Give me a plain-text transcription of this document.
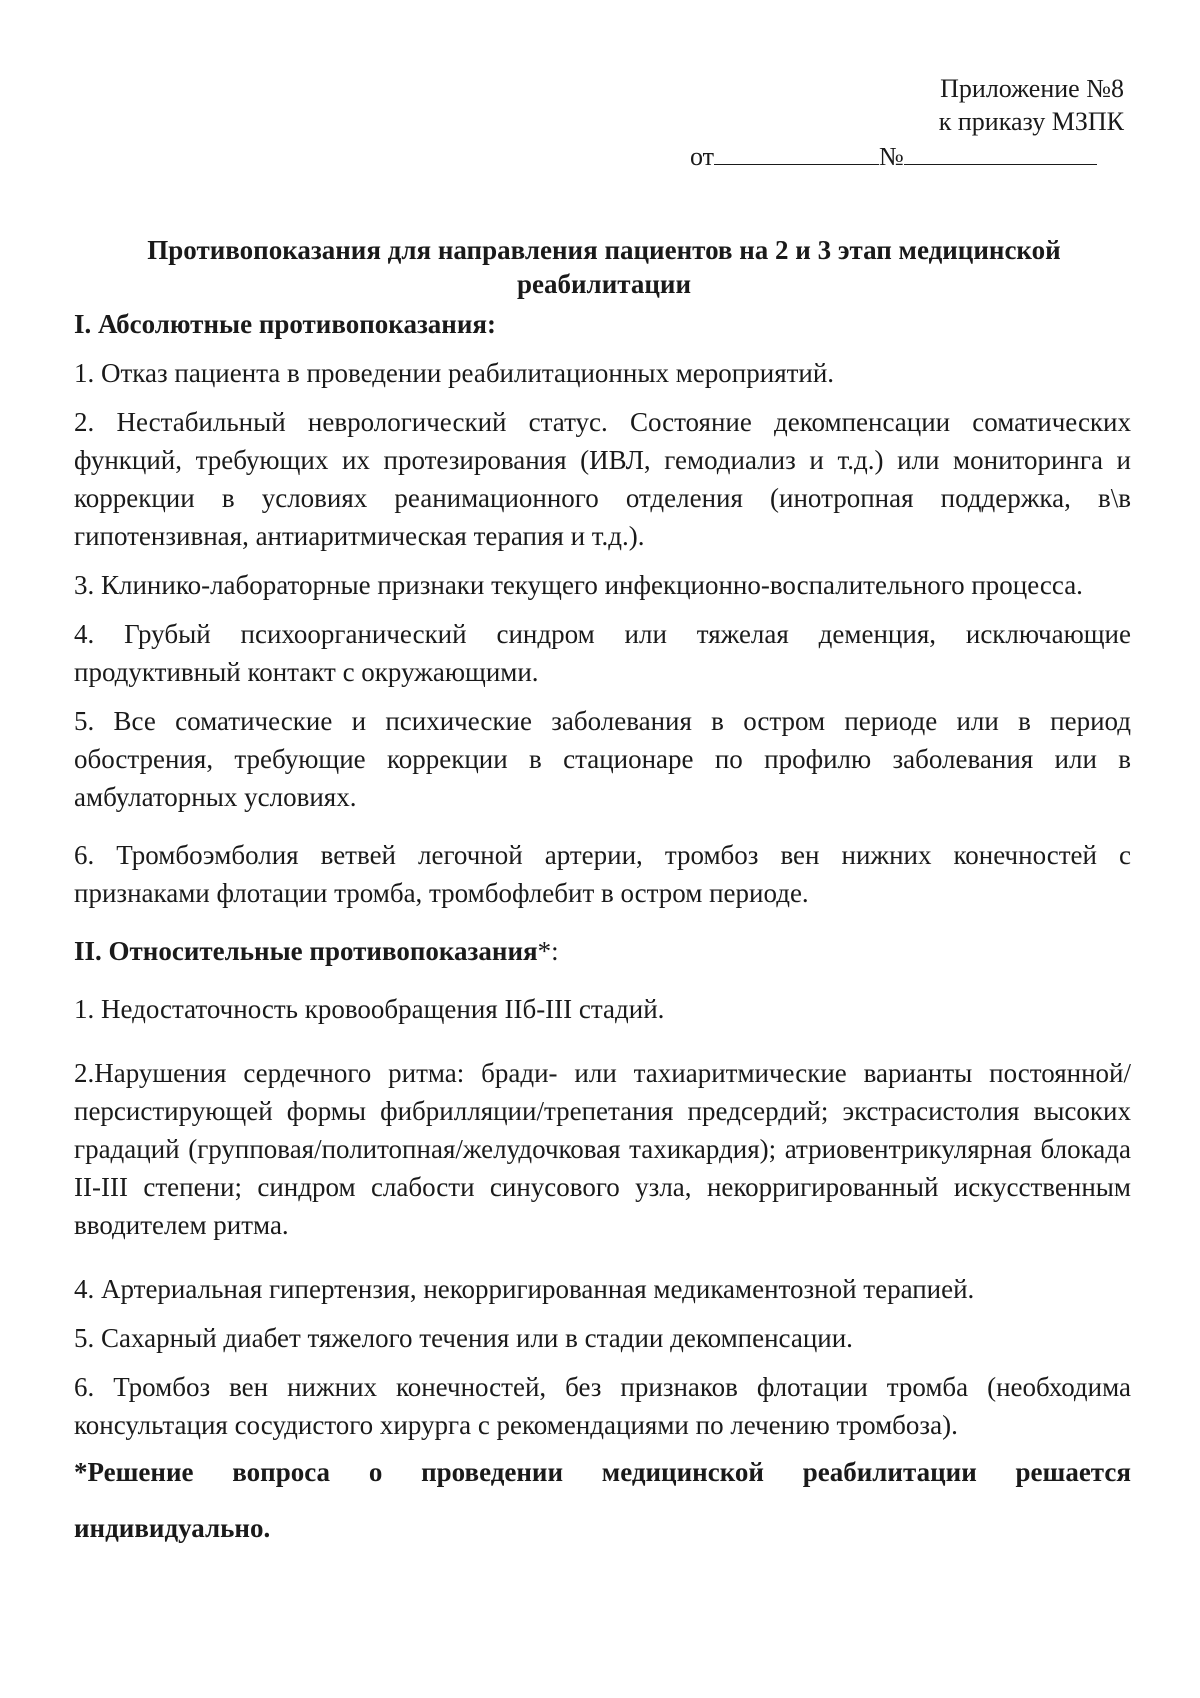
Приложение №8
к приказу МЗПК
от	№
Противопоказания для направления пациентов на 2 и 3 этап медицинской реабилитации

I. Абсолютные противопоказания:

1. Отказ пациента в проведении реабилитационных мероприятий.

2. Нестабильный неврологический статус. Состояние декомпенсации соматических функций, требующих их протезирования (ИВЛ, гемодиализ и т.д.) или мониторинга и коррекции в условиях реанимационного отделения (инотропная поддержка, в\в гипотензивная, антиаритмическая терапия и т.д.).

3. Клинико-лабораторные признаки текущего инфекционно-воспалительного процесса.

4. Грубый психоорганический синдром или тяжелая деменция, исключающие продуктивный контакт с окружающими.

5. Все соматические и психические заболевания в остром периоде или в период обострения, требующие коррекции в стационаре по профилю заболевания или в амбулаторных условиях.

6. Тромбоэмболия ветвей легочной артерии, тромбоз вен нижних конечностей с признаками флотации тромба, тромбофлебит в остром периоде.

II. Относительные противопоказания*:

1. Недостаточность кровообращения IIб-III стадий.

2.Нарушения сердечного ритма: бради- или тахиаритмические варианты постоянной/ персистирующей формы фибрилляции/трепетания предсердий; экстрасистолия высоких градаций (групповая/политопная/желудочковая тахикардия); атриовентрикулярная блокада II-III степени; синдром слабости синусового узла, некорригированный искусственным вводителем ритма.

4. Артериальная гипертензия, некорригированная медикаментозной терапией.

5. Сахарный диабет тяжелого течения или в стадии декомпенсации.

6. Тромбоз вен нижних конечностей, без признаков флотации тромба (необходима консультация сосудистого хирурга с рекомендациями по лечению тромбоза).

*Решение вопроса о проведении медицинской реабилитации решается индивидуально.
